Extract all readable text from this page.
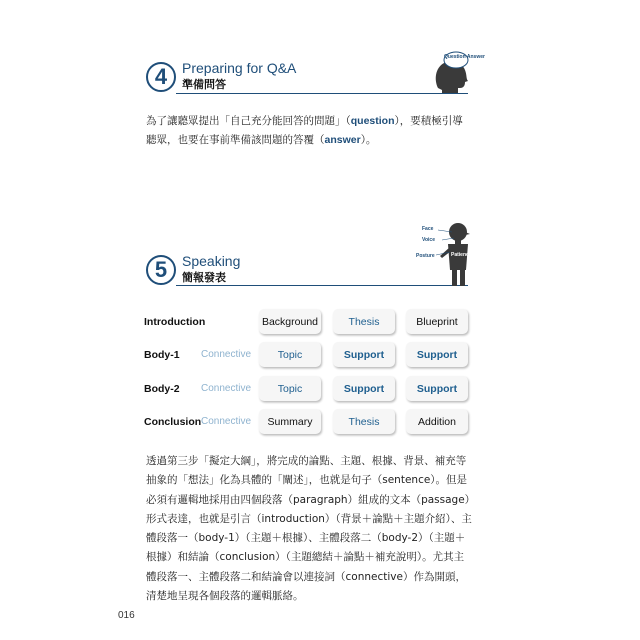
4	Preparing for Q&A
準備問答
Question Answer
為了讓聽眾提出「自己充分能回答的問題」（question），要積極引導聽眾，也要在事前準備該問題的答覆（answer）。
5	Speaking
簡報發表
Face
Voice
Posture	Patience
Introduction	Background	Thesis	Blueprint
Body-1 Connective	Topic	Support	Support
Body-2 Connective	Topic	Support	Support
Conclusion Connective	Summary	Thesis	Addition
透過第三步「擬定大綱」，將完成的論點、主題、根據、背景、補充等抽象的「想法」化為具體的「闡述」，也就是句子（sentence）。但是必須有邏輯地採用由四個段落（paragraph）組成的文本（passage）形式表達，也就是引言（introduction）（背景＋論點＋主題介紹）、主體段落一（body-1）（主題＋根據）、主體段落二（body-2）（主題＋根據）和結論（conclusion）（主題總結＋論點＋補充說明）。尤其主體段落一、主體段落二和結論會以連接詞（connective）作為開頭，清楚地呈現各個段落的邏輯脈絡。
016
